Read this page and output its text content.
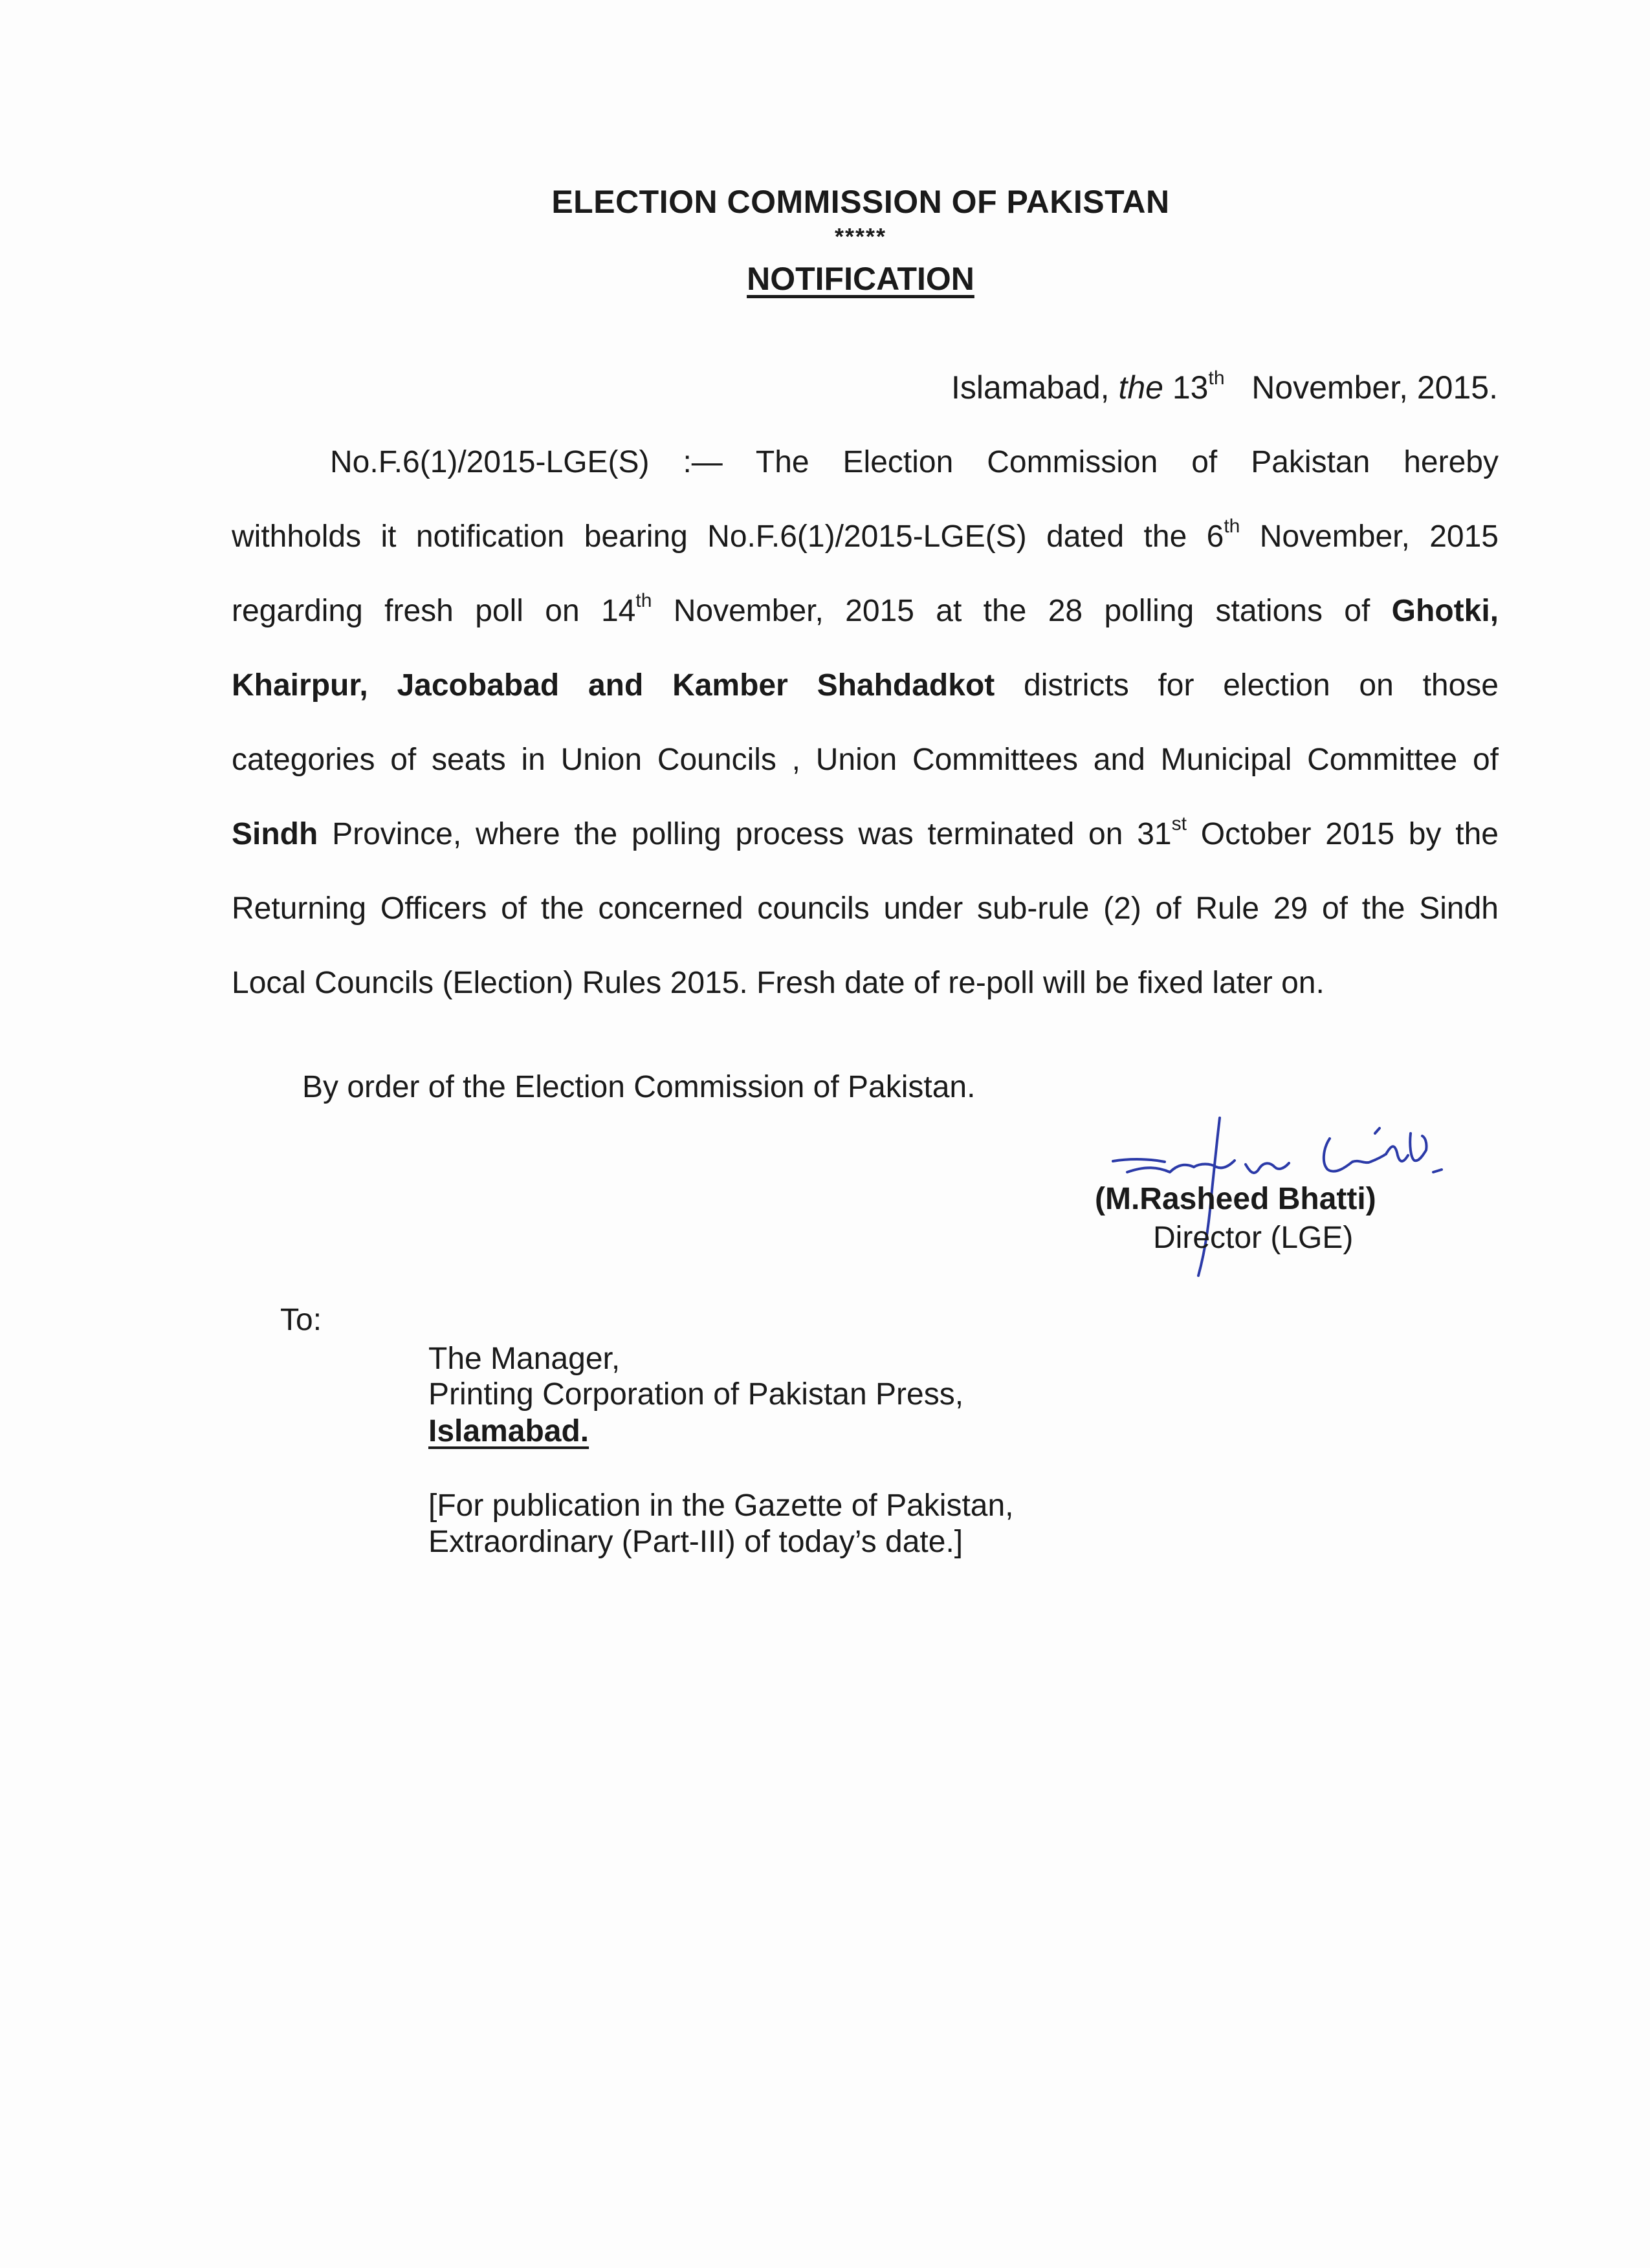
ELECTION COMMISSION OF PAKISTAN
*****
NOTIFICATION
Islamabad, the 13th November, 2015.
No.F.6(1)/2015-LGE(S) :— The Election Commission of Pakistan hereby
withholds it notification bearing No.F.6(1)/2015-LGE(S) dated the 6th November, 2015
regarding fresh poll on 14th November, 2015 at the 28 polling stations of Ghotki,
Khairpur, Jacobabad and Kamber Shahdadkot districts for election on those
categories of seats in Union Councils , Union Committees and Municipal Committee of
Sindh Province, where the polling process was terminated on 31st October 2015 by the
Returning Officers of the concerned councils under sub-rule (2) of Rule 29 of the Sindh
Local Councils (Election) Rules 2015. Fresh date of re-poll will be fixed later on.
By order of the Election Commission of Pakistan.
(M.Rasheed Bhatti)
Director (LGE)
To:
The Manager,
Printing Corporation of Pakistan Press,
Islamabad.
[For publication in the Gazette of Pakistan,
Extraordinary (Part-III) of today’s date.]
